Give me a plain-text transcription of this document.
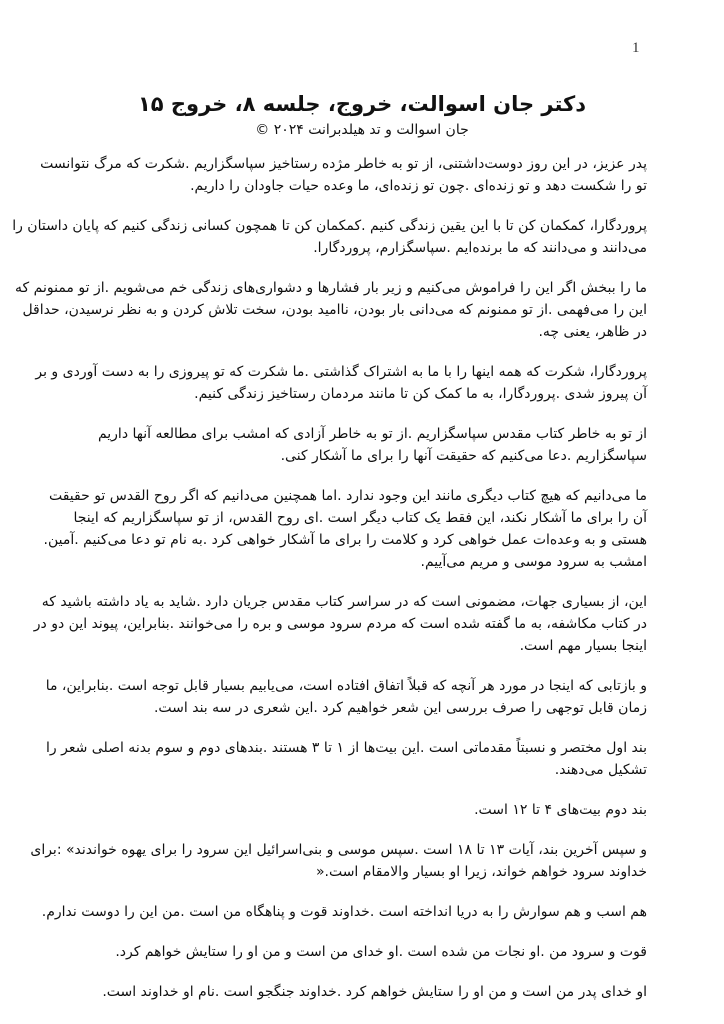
1
دکتر جان اسوالت، خروج، جلسه ۸، خروج ۱۵

جان اسوالت و تد هیلدبرانت ۲۰۲۴ ©

پدر عزیز، در این روز دوست‌داشتنی، از تو به خاطر مژده رستاخیز سپاسگزاریم .شکرت که مرگ نتوانست
تو را شکست دهد و تو زنده‌ای .چون تو زنده‌ای، ما وعده حیات جاودان را داریم.

پروردگارا، کمکمان کن تا با این یقین زندگی کنیم .کمکمان کن تا همچون کسانی زندگی کنیم که پایان داستان را
می‌دانند و می‌دانند که ما برنده‌ایم .سپاسگزارم، پروردگارا.

ما را ببخش اگر این را فراموش می‌کنیم و زیر بار فشارها و دشواری‌های زندگی خم می‌شویم .از تو ممنونم که
این را می‌فهمی .از تو ممنونم که می‌دانی بار بودن، ناامید بودن، سخت تلاش کردن و به نظر نرسیدن، حداقل
در ظاهر، یعنی چه.

پروردگارا، شکرت که همه اینها را با ما به اشتراک گذاشتی .ما شکرت که تو پیروزی را به دست آوردی و بر
آن پیروز شدی .پروردگارا، به ما کمک کن تا مانند مردمان رستاخیز زندگی کنیم.

از تو به خاطر کتاب مقدس سپاسگزاریم .از تو به خاطر آزادی که امشب برای مطالعه آنها داریم
سپاسگزاریم .دعا می‌کنیم که حقیقت آنها را برای ما آشکار کنی.

ما می‌دانیم که هیچ کتاب دیگری مانند این وجود ندارد .اما همچنین می‌دانیم که اگر روح القدس تو حقیقت
آن را برای ما آشکار نکند، این فقط یک کتاب دیگر است .ای روح القدس، از تو سپاسگزاریم که اینجا
هستی و به وعده‌ات عمل خواهی کرد و کلامت را برای ما آشکار خواهی کرد .به نام تو دعا می‌کنیم .آمین.
امشب به سرود موسی و مریم می‌آییم.

این، از بسیاری جهات، مضمونی است که در سراسر کتاب مقدس جریان دارد .شاید به یاد داشته باشید که
در کتاب مکاشفه، به ما گفته شده است که مردم سرود موسی و بره را می‌خوانند .بنابراین، پیوند این دو در
اینجا بسیار مهم است.

و بازتابی که اینجا در مورد هر آنچه که قبلاً اتفاق افتاده است، می‌یابیم بسیار قابل توجه است .بنابراین، ما
زمان قابل توجهی را صرف بررسی این شعر خواهیم کرد .این شعری در سه بند است.

بند اول مختصر و نسبتاً مقدماتی است .این بیت‌ها از ۱ تا ۳ هستند .بندهای دوم و سوم بدنه اصلی شعر را
تشکیل می‌دهند.

بند دوم بیت‌های ۴ تا ۱۲ است.

و سپس آخرین بند، آیات ۱۳ تا ۱۸ است .سپس موسی و بنی‌اسرائیل این سرود را برای یهوه خواندند» :برای
خداوند سرود خواهم خواند، زیرا او بسیار والامقام است.«

هم اسب و هم سوارش را به دریا انداخته است .خداوند قوت و پناهگاه من است .من این را دوست ندارم.

قوت و سرود من .او نجات من شده است .او خدای من است و من او را ستایش خواهم کرد.

او خدای پدر من است و من او را ستایش خواهم کرد .خداوند جنگجو است .نام او خداوند است.
